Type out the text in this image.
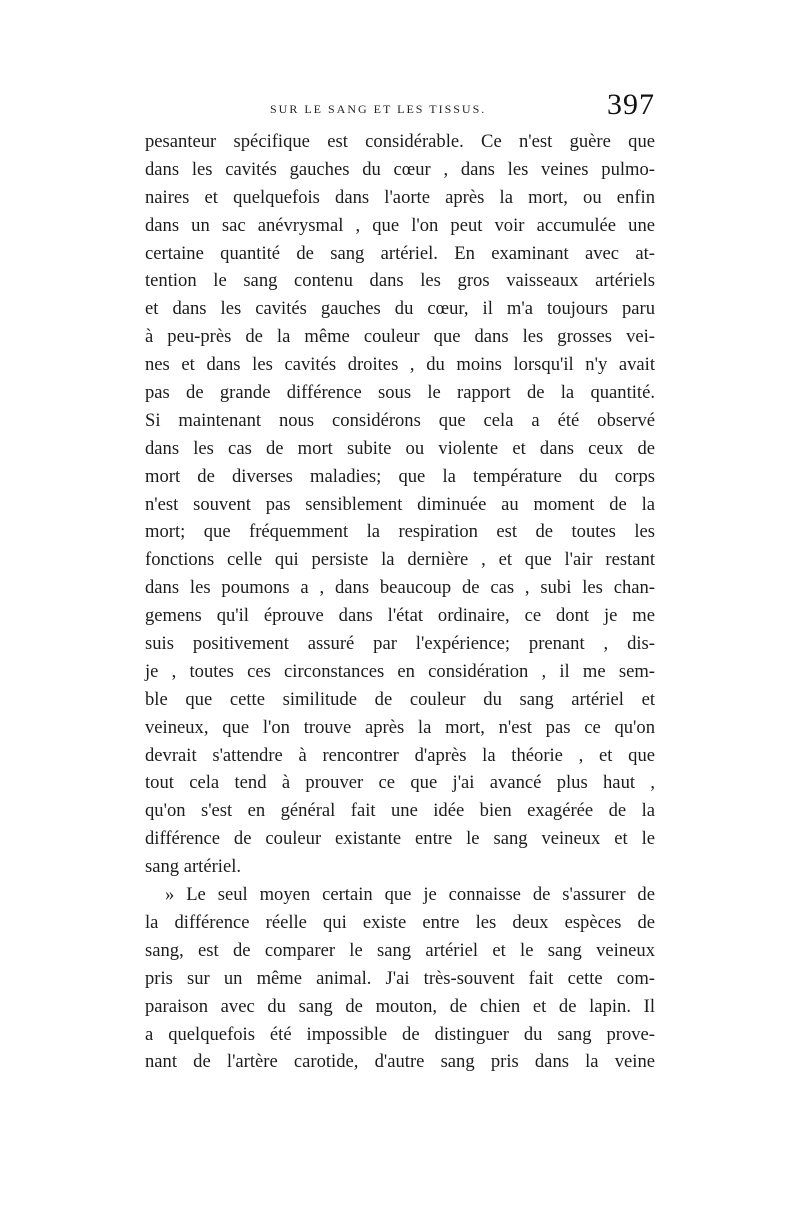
SUR LE SANG ET LES TISSUS.	397
pesanteur spécifique est considérable. Ce n'est guère que
dans les cavités gauches du cœur , dans les veines pulmo-
naires et quelquefois dans l'aorte après la mort, ou enfin
dans un sac anévrysmal , que l'on peut voir accumulée une
certaine quantité de sang artériel. En examinant avec at-
tention le sang contenu dans les gros vaisseaux artériels
et dans les cavités gauches du cœur, il m'a toujours paru
à peu-près de la même couleur que dans les grosses vei-
nes et dans les cavités droites , du moins lorsqu'il n'y avait
pas de grande différence sous le rapport de la quantité.
Si maintenant nous considérons que cela a été observé
dans les cas de mort subite ou violente et dans ceux de
mort de diverses maladies; que la température du corps
n'est souvent pas sensiblement diminuée au moment de la
mort; que fréquemment la respiration est de toutes les
fonctions celle qui persiste la dernière , et que l'air restant
dans les poumons a , dans beaucoup de cas , subi les chan-
gemens qu'il éprouve dans l'état ordinaire, ce dont je me
suis positivement assuré par l'expérience; prenant , dis-
je , toutes ces circonstances en considération , il me sem-
ble que cette similitude de couleur du sang artériel et
veineux, que l'on trouve après la mort, n'est pas ce qu'on
devrait s'attendre à rencontrer d'après la théorie , et que
tout cela tend à prouver ce que j'ai avancé plus haut ,
qu'on s'est en général fait une idée bien exagérée de la
différence de couleur existante entre le sang veineux et le
sang artériel.
» Le seul moyen certain que je connaisse de s'assurer de
la différence réelle qui existe entre les deux espèces de
sang, est de comparer le sang artériel et le sang veineux
pris sur un même animal. J'ai très-souvent fait cette com-
paraison avec du sang de mouton, de chien et de lapin. Il
a quelquefois été impossible de distinguer du sang prove-
nant de l'artère carotide, d'autre sang pris dans la veine
